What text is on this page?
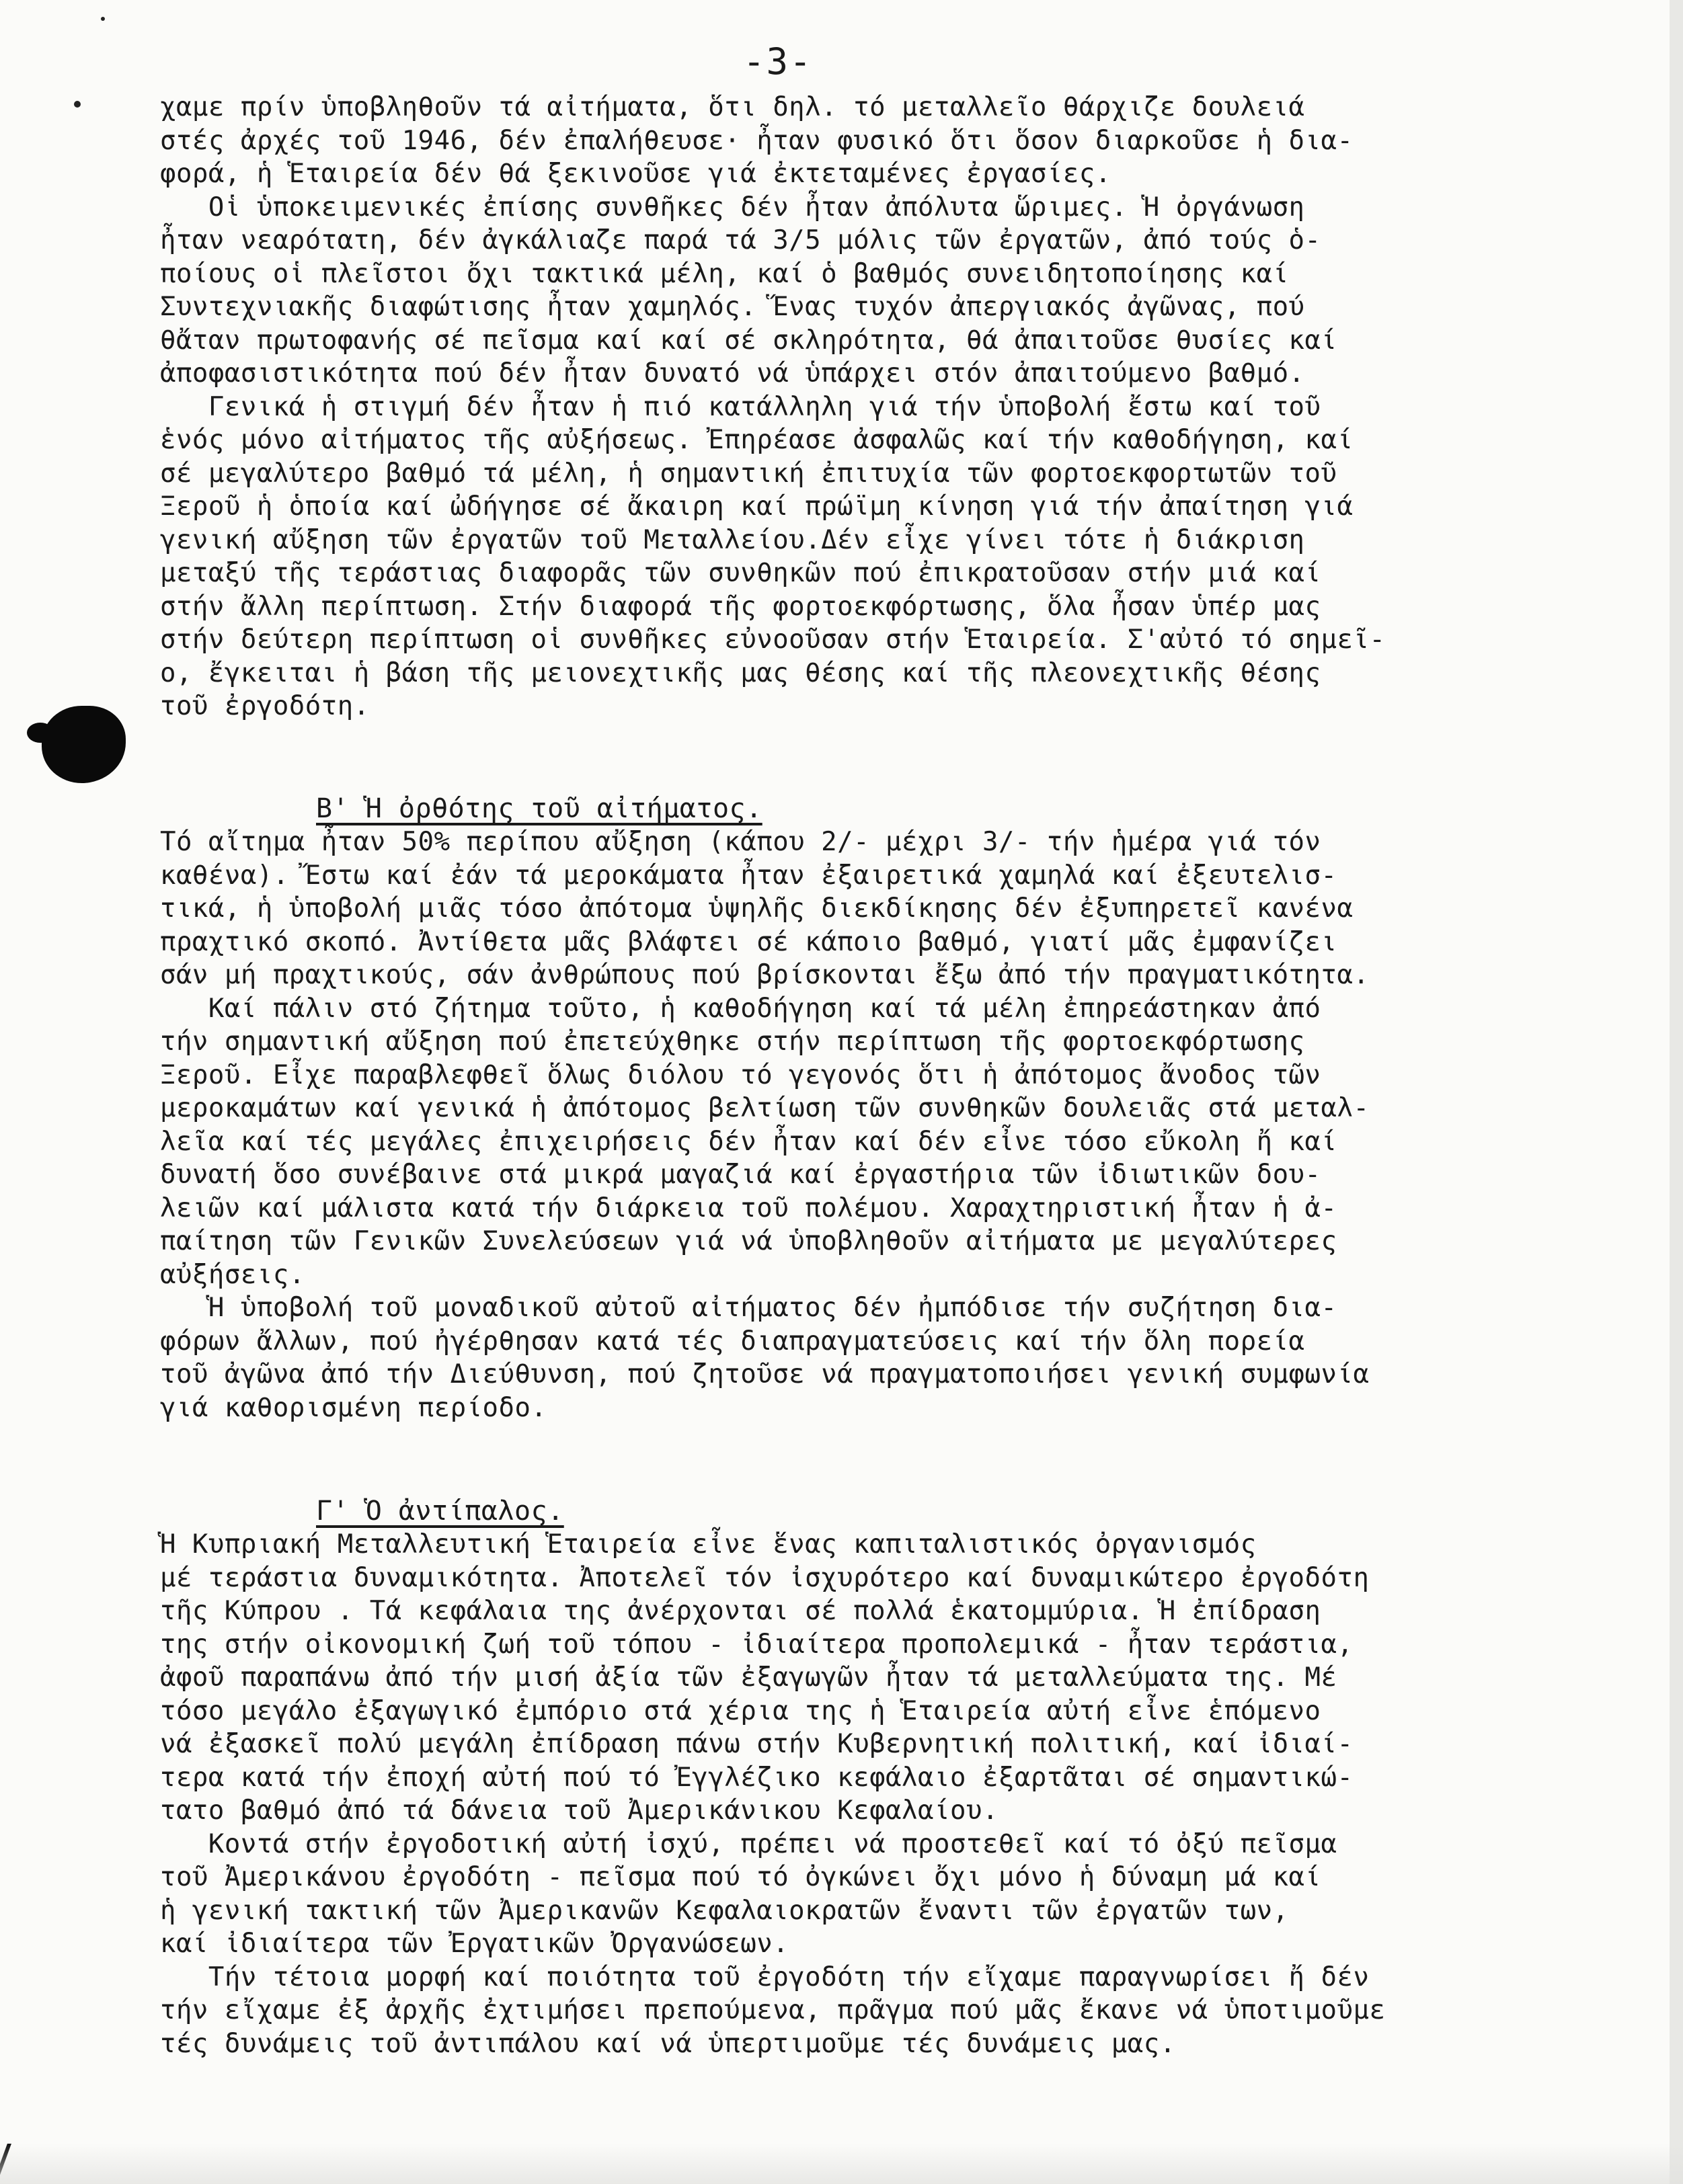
-3-
χαμε πρίν ὑποβληθοῦν τά αἰτήματα, ὅτι δηλ. τό μεταλλεῖο θάρχιζε δουλειά
στές ἀρχές τοῦ 1946, δέν ἐπαλήθευσε· ἦταν φυσικό ὅτι ὅσον διαρκοῦσε ἡ δια-
φορά, ἡ Ἑταιρεία δέν θά ξεκινοῦσε γιά ἐκτεταμένες ἐργασίες.
Οἱ ὑποκειμενικές ἐπίσης συνθῆκες δέν ἦταν ἀπόλυτα ὥριμες. Ἡ ὀργάνωση
ἦταν νεαρότατη, δέν ἀγκάλιαζε παρά τά 3/5 μόλις τῶν ἐργατῶν, ἀπό τούς ὁ-
ποίους οἱ πλεῖστοι ὄχι τακτικά μέλη, καί ὁ βαθμός συνειδητοποίησης καί
Συντεχνιακῆς διαφώτισης ἦταν χαμηλός. Ἕνας τυχόν ἀπεργιακός ἀγῶνας, πού
θἄταν πρωτοφανής σέ πεῖσμα καί καί σέ σκληρότητα, θά ἀπαιτοῦσε θυσίες καί
ἀποφασιστικότητα πού δέν ἦταν δυνατό νά ὑπάρχει στόν ἀπαιτούμενο βαθμό.
Γενικά ἡ στιγμή δέν ἦταν ἡ πιό κατάλληλη γιά τήν ὑποβολή ἔστω καί τοῦ
ἑνός μόνο αἰτήματος τῆς αὐξήσεως. Ἐπηρέασε ἀσφαλῶς καί τήν καθοδήγηση, καί
σέ μεγαλύτερο βαθμό τά μέλη, ἡ σημαντική ἐπιτυχία τῶν φορτοεκφορτωτῶν τοῦ
Ξεροῦ ἡ ὁποία καί ὠδήγησε σέ ἄκαιρη καί πρώϊμη κίνηση γιά τήν ἀπαίτηση γιά
γενική αὔξηση τῶν ἐργατῶν τοῦ Μεταλλείου.Δέν εἶχε γίνει τότε ἡ διάκριση
μεταξύ τῆς τεράστιας διαφορᾶς τῶν συνθηκῶν πού ἐπικρατοῦσαν στήν μιά καί
στήν ἄλλη περίπτωση. Στήν διαφορά τῆς φορτοεκφόρτωσης, ὅλα ἦσαν ὑπέρ μας
στήν δεύτερη περίπτωση οἱ συνθῆκες εὐνοοῦσαν στήν Ἑταιρεία. Σ'αὐτό τό σημεῖ-
ο, ἔγκειται ἡ βάση τῆς μειονεχτικῆς μας θέσης καί τῆς πλεονεχτικῆς θέσης
τοῦ ἐργοδότη.
Β' Ἡ ὀρθότης τοῦ αἰτήματος.
Τό αἴτημα ἦταν 50% περίπου αὔξηση (κάπου 2/- μέχρι 3/- τήν ἡμέρα γιά τόν
καθένα). Ἔστω καί ἐάν τά μεροκάματα ἦταν ἐξαιρετικά χαμηλά καί ἐξευτελισ-
τικά, ἡ ὑποβολή μιᾶς τόσο ἀπότομα ὑψηλῆς διεκδίκησης δέν ἐξυπηρετεῖ κανένα
πραχτικό σκοπό. Ἀντίθετα μᾶς βλάφτει σέ κάποιο βαθμό, γιατί μᾶς ἐμφανίζει
σάν μή πραχτικούς, σάν ἀνθρώπους πού βρίσκονται ἔξω ἀπό τήν πραγματικότητα.
Καί πάλιν στό ζήτημα τοῦτο, ἡ καθοδήγηση καί τά μέλη ἐπηρεάστηκαν ἀπό
τήν σημαντική αὔξηση πού ἐπετεύχθηκε στήν περίπτωση τῆς φορτοεκφόρτωσης
Ξεροῦ. Εἶχε παραβλεφθεῖ ὅλως διόλου τό γεγονός ὅτι ἡ ἀπότομος ἄνοδος τῶν
μεροκαμάτων καί γενικά ἡ ἀπότομος βελτίωση τῶν συνθηκῶν δουλειᾶς στά μεταλ-
λεῖα καί τές μεγάλες ἐπιχειρήσεις δέν ἦταν καί δέν εἶνε τόσο εὔκολη ἤ καί
δυνατή ὅσο συνέβαινε στά μικρά μαγαζιά καί ἐργαστήρια τῶν ἰδιωτικῶν δου-
λειῶν καί μάλιστα κατά τήν διάρκεια τοῦ πολέμου. Χαραχτηριστική ἦταν ἡ ἀ-
παίτηση τῶν Γενικῶν Συνελεύσεων γιά νά ὑποβληθοῦν αἰτήματα με μεγαλύτερες
αὐξήσεις.
Ἡ ὑποβολή τοῦ μοναδικοῦ αὐτοῦ αἰτήματος δέν ἠμπόδισε τήν συζήτηση δια-
φόρων ἄλλων, πού ἠγέρθησαν κατά τές διαπραγματεύσεις καί τήν ὅλη πορεία
τοῦ ἀγῶνα ἀπό τήν Διεύθυνση, πού ζητοῦσε νά πραγματοποιήσει γενική συμφωνία
γιά καθορισμένη περίοδο.
Γ' Ὁ ἀντίπαλος.
Ἡ Κυπριακή Μεταλλευτική Ἑταιρεία εἶνε ἕνας καπιταλιστικός ὀργανισμός
μέ τεράστια δυναμικότητα. Ἀποτελεῖ τόν ἰσχυρότερο καί δυναμικώτερο ἐργοδότη
τῆς Κύπρου . Τά κεφάλαια της ἀνέρχονται σέ πολλά ἑκατομμύρια. Ἡ ἐπίδραση
της στήν οἰκονομική ζωή τοῦ τόπου - ἰδιαίτερα προπολεμικά - ἦταν τεράστια,
ἀφοῦ παραπάνω ἀπό τήν μισή ἀξία τῶν ἐξαγωγῶν ἦταν τά μεταλλεύματα της. Μέ
τόσο μεγάλο ἐξαγωγικό ἐμπόριο στά χέρια της ἡ Ἑταιρεία αὐτή εἶνε ἑπόμενο
νά ἐξασκεῖ πολύ μεγάλη ἐπίδραση πάνω στήν Κυβερνητική πολιτική, καί ἰδιαί-
τερα κατά τήν ἐποχή αὐτή πού τό Ἐγγλέζικο κεφάλαιο ἐξαρτᾶται σέ σημαντικώ-
τατο βαθμό ἀπό τά δάνεια τοῦ Ἀμερικάνικου Κεφαλαίου.
Κοντά στήν ἐργοδοτική αὐτή ἰσχύ, πρέπει νά προστεθεῖ καί τό ὀξύ πεῖσμα
τοῦ Ἀμερικάνου ἐργοδότη - πεῖσμα πού τό ὀγκώνει ὄχι μόνο ἡ δύναμη μά καί
ἡ γενική τακτική τῶν Ἀμερικανῶν Κεφαλαιοκρατῶν ἔναντι τῶν ἐργατῶν των,
καί ἰδιαίτερα τῶν Ἐργατικῶν Ὀργανώσεων.
Τήν τέτοια μορφή καί ποιότητα τοῦ ἐργοδότη τήν εἴχαμε παραγνωρίσει ἤ δέν
τήν εἴχαμε ἐξ ἀρχῆς ἐχτιμήσει πρεπούμενα, πρᾶγμα πού μᾶς ἔκανε νά ὑποτιμοῦμε
τές δυνάμεις τοῦ ἀντιπάλου καί νά ὑπερτιμοῦμε τές δυνάμεις μας.
